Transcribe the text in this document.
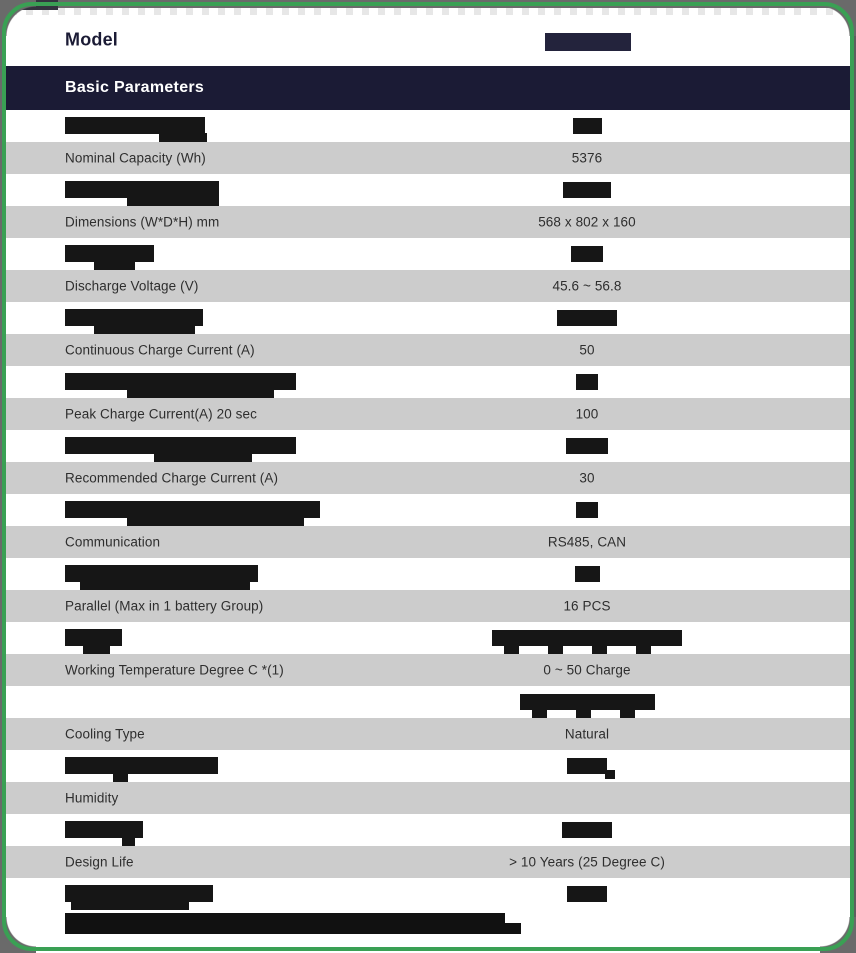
Model
Basic Parameters
Nominal Capacity (Wh)	5376
Dimensions (W*D*H) mm	568 x 802 x 160
Discharge Voltage (V)	45.6 ~ 56.8
Continuous Charge Current (A)	50
Peak Charge Current(A) 20 sec	100
Recommended Charge Current (A)	30
Communication	RS485, CAN
Parallel (Max in 1 battery Group)	16 PCS
Working Temperature Degree C *(1)	0 ~ 50 Charge
Cooling Type	Natural
Humidity
Design Life	> 10 Years (25 Degree C)
